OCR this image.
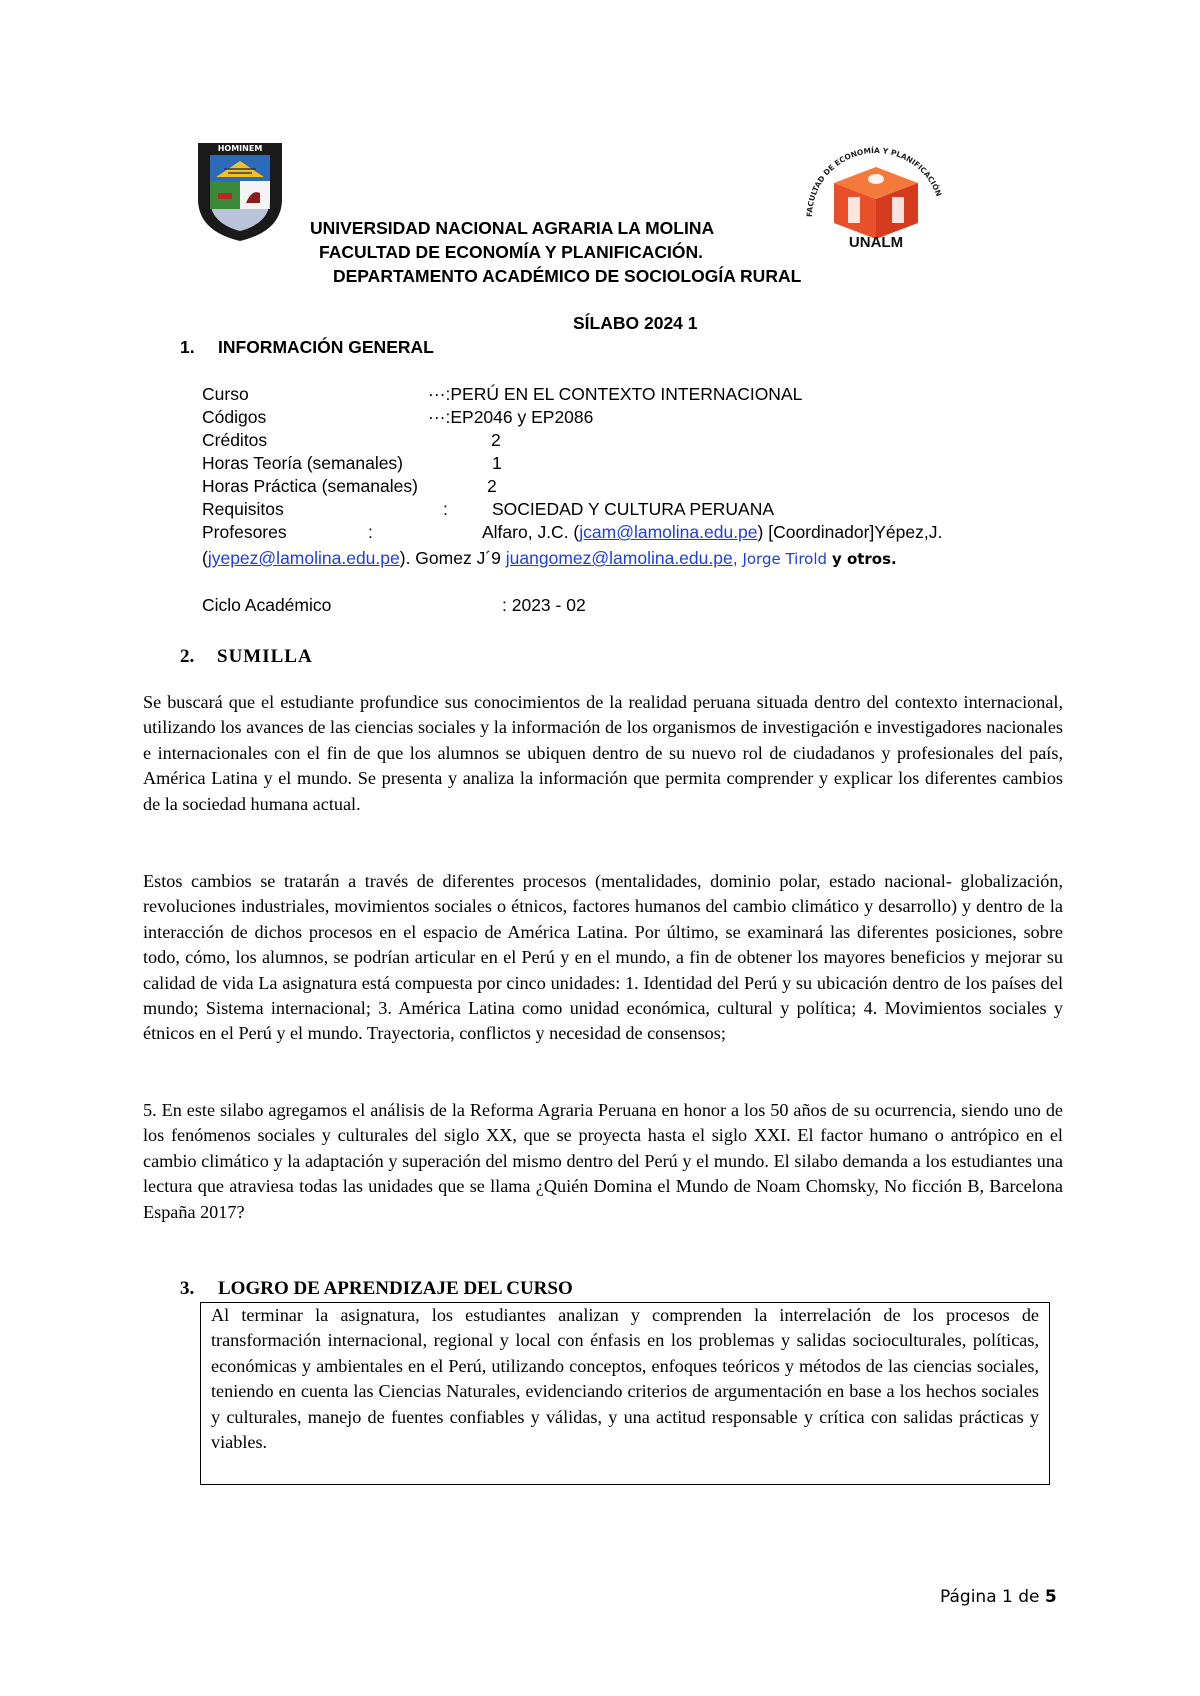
HOMINEM
FACULTAD DE ECONOMÍA Y PLANIFICACIÓN
UNALM
UNIVERSIDAD NACIONAL AGRARIA LA MOLINA
FACULTAD DE ECONOMÍA Y PLANIFICACIÓN.
DEPARTAMENTO ACADÉMICO DE SOCIOLOGÍA RURAL
SÍLABO 2024 1
1. INFORMACIÓN GENERAL
Curso	···:PERÚ EN EL CONTEXTO INTERNACIONAL
Códigos	···:EP2046 y EP2086
Créditos	2
Horas Teoría (semanales)	1
Horas Práctica (semanales)	2
Requisitos	:	SOCIEDAD Y CULTURA PERUANA
Profesores	:	Alfaro, J.C. (jcam@lamolina.edu.pe) [Coordinador]Yépez,J.
(jyepez@lamolina.edu.pe). Gomez J´9 juangomez@lamolina.edu.pe, Jorge Tirold y otros.
Ciclo Académico	: 2023 - 02
2. SUMILLA
Se buscará que el estudiante profundice sus conocimientos de la realidad peruana situada dentro del contexto internacional, utilizando los avances de las ciencias sociales y la información de los organismos de investigación e investigadores nacionales e internacionales con el fin de que los alumnos se ubiquen dentro de su nuevo rol de ciudadanos y profesionales del país, América Latina y el mundo. Se presenta y analiza la información que permita comprender y explicar los diferentes cambios de la sociedad humana actual.
Estos cambios se tratarán a través de diferentes procesos (mentalidades, dominio polar, estado nacional- globalización, revoluciones industriales, movimientos sociales o étnicos, factores humanos del cambio climático y desarrollo) y dentro de la interacción de dichos procesos en el espacio de América Latina. Por último, se examinará las diferentes posiciones, sobre todo, cómo, los alumnos, se podrían articular en el Perú y en el mundo, a fin de obtener los mayores beneficios y mejorar su calidad de vida La asignatura está compuesta por cinco unidades: 1. Identidad del Perú y su ubicación dentro de los países del mundo; Sistema internacional; 3. América Latina como unidad económica, cultural y política; 4. Movimientos sociales y étnicos en el Perú y el mundo. Trayectoria, conflictos y necesidad de consensos;
5. En este silabo agregamos el análisis de la Reforma Agraria Peruana en honor a los 50 años de su ocurrencia, siendo uno de los fenómenos sociales y culturales del siglo XX, que se proyecta hasta el siglo XXI. El factor humano o antrópico en el cambio climático y la adaptación y superación del mismo dentro del Perú y el mundo. El silabo demanda a los estudiantes una lectura que atraviesa todas las unidades que se llama ¿Quién Domina el Mundo de Noam Chomsky, No ficción B, Barcelona España 2017?
3. LOGRO DE APRENDIZAJE DEL CURSO
Al terminar la asignatura, los estudiantes analizan y comprenden la interrelación de los procesos de transformación internacional, regional y local con énfasis en los problemas y salidas socioculturales, políticas, económicas y ambientales en el Perú, utilizando conceptos, enfoques teóricos y métodos de las ciencias sociales, teniendo en cuenta las Ciencias Naturales, evidenciando criterios de argumentación en base a los hechos sociales y culturales, manejo de fuentes confiables y válidas, y una actitud responsable y crítica con salidas prácticas y viables.
Página 1 de 5
